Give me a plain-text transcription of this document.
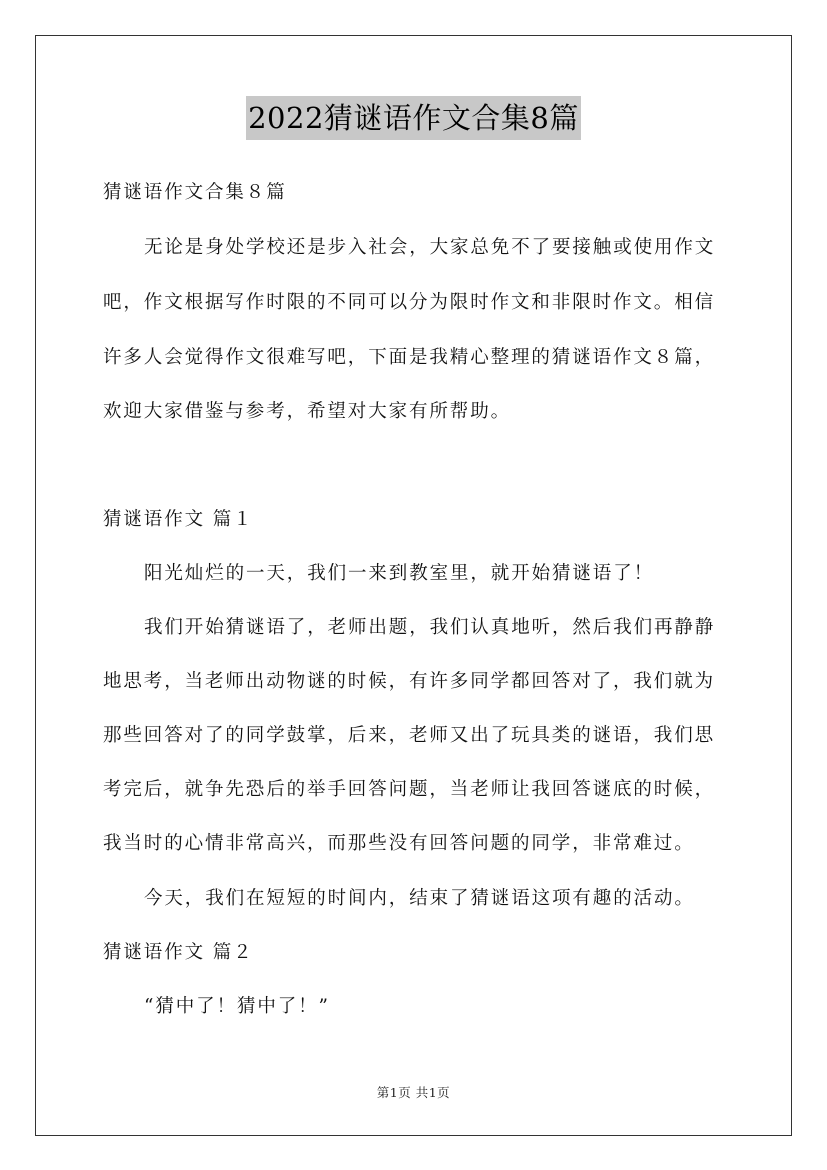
2022猜谜语作文合集8篇
猜谜语作文合集８篇
无论是身处学校还是步入社会，大家总免不了要接触或使用作文
吧，作文根据写作时限的不同可以分为限时作文和非限时作文。相信
许多人会觉得作文很难写吧，下面是我精心整理的猜谜语作文８篇，
欢迎大家借鉴与参考，希望对大家有所帮助。
猜谜语作文 篇１
阳光灿烂的一天，我们一来到教室里，就开始猜谜语了！
我们开始猜谜语了，老师出题，我们认真地听，然后我们再静静
地思考，当老师出动物谜的时候，有许多同学都回答对了，我们就为
那些回答对了的同学鼓掌，后来，老师又出了玩具类的谜语，我们思
考完后，就争先恐后的举手回答问题，当老师让我回答谜底的时候，
我当时的心情非常高兴，而那些没有回答问题的同学，非常难过。
今天，我们在短短的时间内，结束了猜谜语这项有趣的活动。
猜谜语作文 篇２
“猜中了！猜中了！”
第1页 共1页
